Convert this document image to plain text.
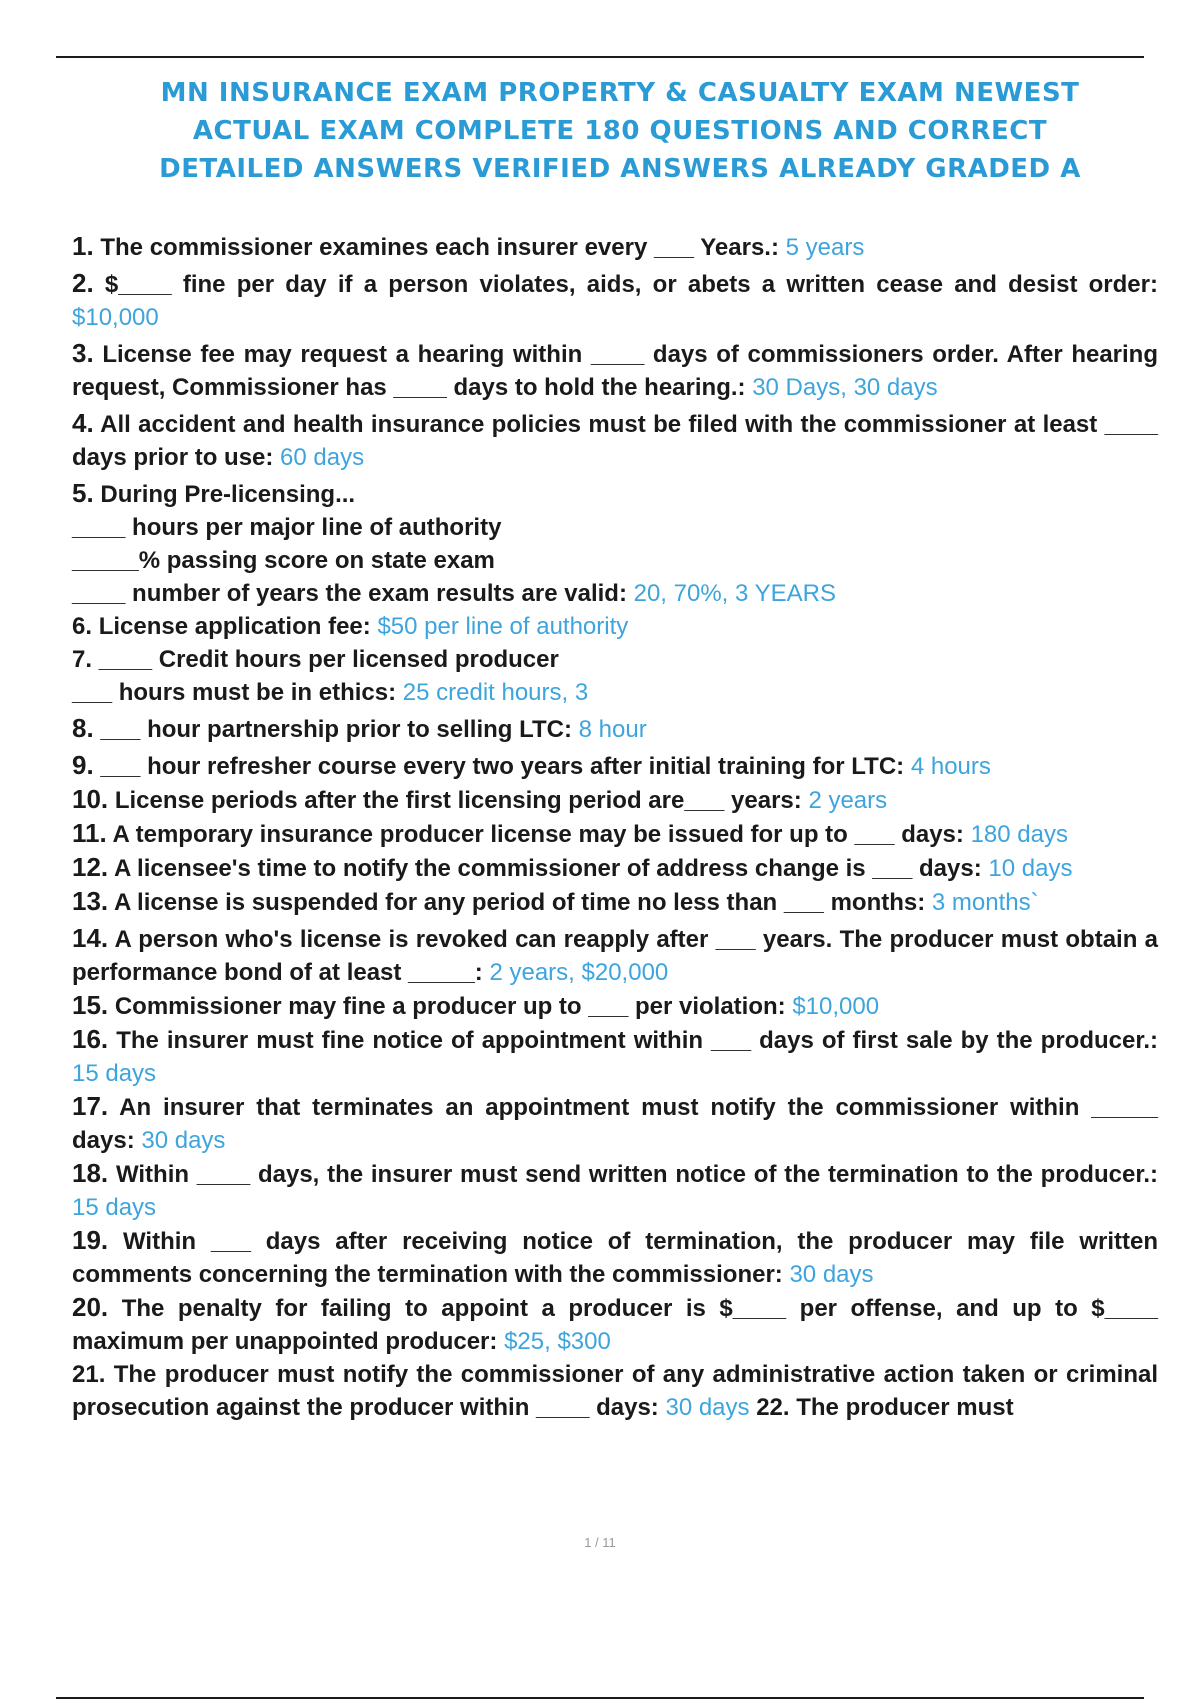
MN INSURANCE EXAM PROPERTY & CASUALTY EXAM NEWEST
ACTUAL EXAM COMPLETE 180 QUESTIONS AND CORRECT
DETAILED ANSWERS VERIFIED ANSWERS ALREADY GRADED A

1. The commissioner examines each insurer every ___ Years.: 5 years

2. $____ fine per day if a person violates, aids, or abets a written cease and desist order: $10,000

3. License fee may request a hearing within ____ days of commissioners order. After hearing request, Commissioner has ____ days to hold the hearing.: 30 Days, 30 days

4. All accident and health insurance policies must be filed with the commissioner at least ____ days prior to use: 60 days

5. During Pre-licensing...
____ hours per major line of authority
_____% passing score on state exam
____ number of years the exam results are valid: 20, 70%, 3 YEARS

6. License application fee: $50 per line of authority

7. ____ Credit hours per licensed producer
___ hours must be in ethics: 25 credit hours, 3

8. ___ hour partnership prior to selling LTC: 8 hour

9. ___ hour refresher course every two years after initial training for LTC: 4 hours

10. License periods after the first licensing period are___ years: 2 years

11. A temporary insurance producer license may be issued for up to ___ days: 180 days

12. A licensee's time to notify the commissioner of address change is ___ days: 10 days

13. A license is suspended for any period of time no less than ___ months: 3 months`

14. A person who's license is revoked can reapply after ___ years. The producer must obtain a performance bond of at least _____: 2 years, $20,000

15. Commissioner may fine a producer up to ___ per violation: $10,000

16. The insurer must fine notice of appointment within ___ days of first sale by the producer.: 15 days

17. An insurer that terminates an appointment must notify the commissioner within _____ days: 30 days

18. Within ____ days, the insurer must send written notice of the termination to the producer.: 15 days

19. Within ___ days after receiving notice of termination, the producer may file written comments concerning the termination with the commissioner: 30 days

20. The penalty for failing to appoint a producer is $____ per offense, and up to $____ maximum per unappointed producer: $25, $300

21. The producer must notify the commissioner of any administrative action taken or criminal prosecution against the producer within ____ days: 30 days 22. The producer must

1 / 11
